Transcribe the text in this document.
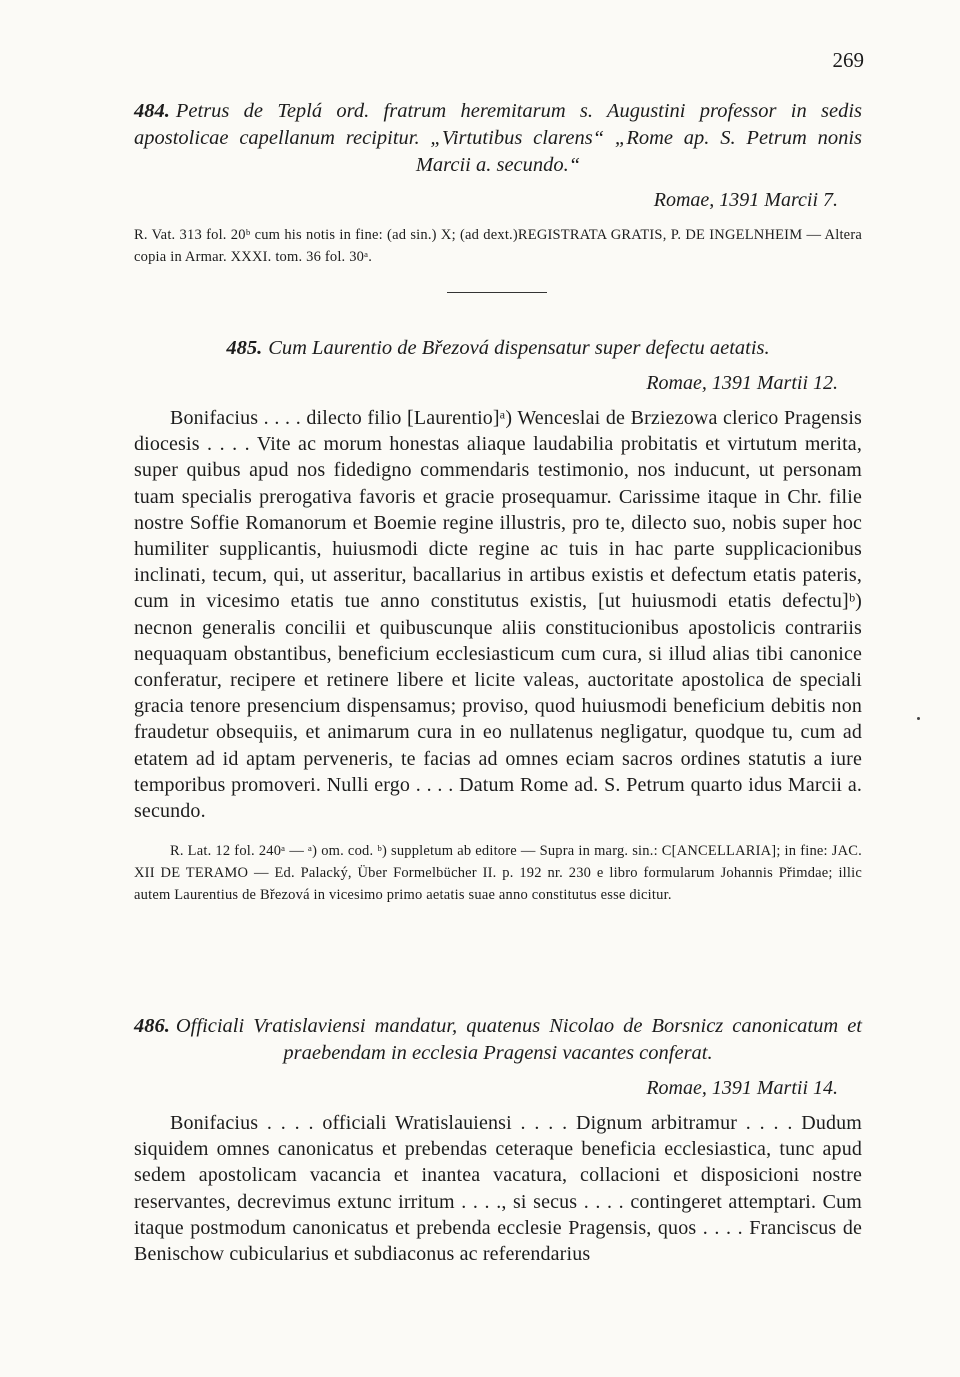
269
484. Petrus de Teplá ord. fratrum heremitarum s. Augustini professor in sedis apostolicae capellanum recipitur. „Virtutibus clarens“ „Rome ap. S. Petrum nonis Marcii a. secundo.“
Romae, 1391 Marcii 7.
R. Vat. 313 fol. 20ᵇ cum his notis in fine: (ad sin.) X; (ad dext.)REGISTRATA GRATIS, P. DE INGELNHEIM — Altera copia in Armar. XXXI. tom. 36 fol. 30ᵃ.
485. Cum Laurentio de Březová dispensatur super defectu aetatis.
Romae, 1391 Martii 12.
Bonifacius . . . . dilecto filio [Laurentio]ᵃ) Wenceslai de Brziezowa clerico Pragensis diocesis . . . . Vite ac morum honestas aliaque laudabilia probitatis et virtutum merita, super quibus apud nos fidedigno commendaris testimonio, nos inducunt, ut personam tuam specialis prerogativa favoris et gracie prosequamur. Carissime itaque in Chr. filie nostre Soffie Romanorum et Boemie regine illustris, pro te, dilecto suo, nobis super hoc humiliter supplicantis, huiusmodi dicte regine ac tuis in hac parte supplicacionibus inclinati, tecum, qui, ut asseritur, bacallarius in artibus existis et defectum etatis pateris, cum in vicesimo etatis tue anno constitutus existis, [ut huiusmodi etatis defectu]ᵇ) necnon generalis concilii et quibuscunque aliis constitucionibus apostolicis contrariis nequaquam obstantibus, beneficium ecclesiasticum cum cura, si illud alias tibi canonice conferatur, recipere et retinere libere et licite valeas, auctoritate apostolica de speciali gracia tenore presencium dispensamus; proviso, quod huiusmodi beneficium debitis non fraudetur obsequiis, et animarum cura in eo nullatenus negligatur, quodque tu, cum ad etatem ad id aptam perveneris, te facias ad omnes eciam sacros ordines statutis a iure temporibus promoveri. Nulli ergo . . . . Datum Rome ad. S. Petrum quarto idus Marcii a. secundo.
R. Lat. 12 fol. 240ᵃ — ᵃ) om. cod. ᵇ) suppletum ab editore — Supra in marg. sin.: C[ANCELLARIA]; in fine: JAC. XII DE TERAMO — Ed. Palacký, Über Formelbücher II. p. 192 nr. 230 e libro formularum Johannis Přimdae; illic autem Laurentius de Březová in vicesimo primo aetatis suae anno constitutus esse dicitur.
486. Officiali Vratislaviensi mandatur, quatenus Nicolao de Borsnicz canonicatum et praebendam in ecclesia Pragensi vacantes conferat.
Romae, 1391 Martii 14.
Bonifacius . . . . officiali Wratislauiensi . . . . Dignum arbitramur . . . . Dudum siquidem omnes canonicatus et prebendas ceteraque beneficia ecclesiastica, tunc apud sedem apostolicam vacancia et inantea vacatura, collacioni et disposicioni nostre reservantes, decrevimus extunc irritum . . . ., si secus . . . . contingeret attemptari. Cum itaque postmodum canonicatus et prebenda ecclesie Pragensis, quos . . . . Franciscus de Benischow cubicularius et subdiaconus ac referendarius
